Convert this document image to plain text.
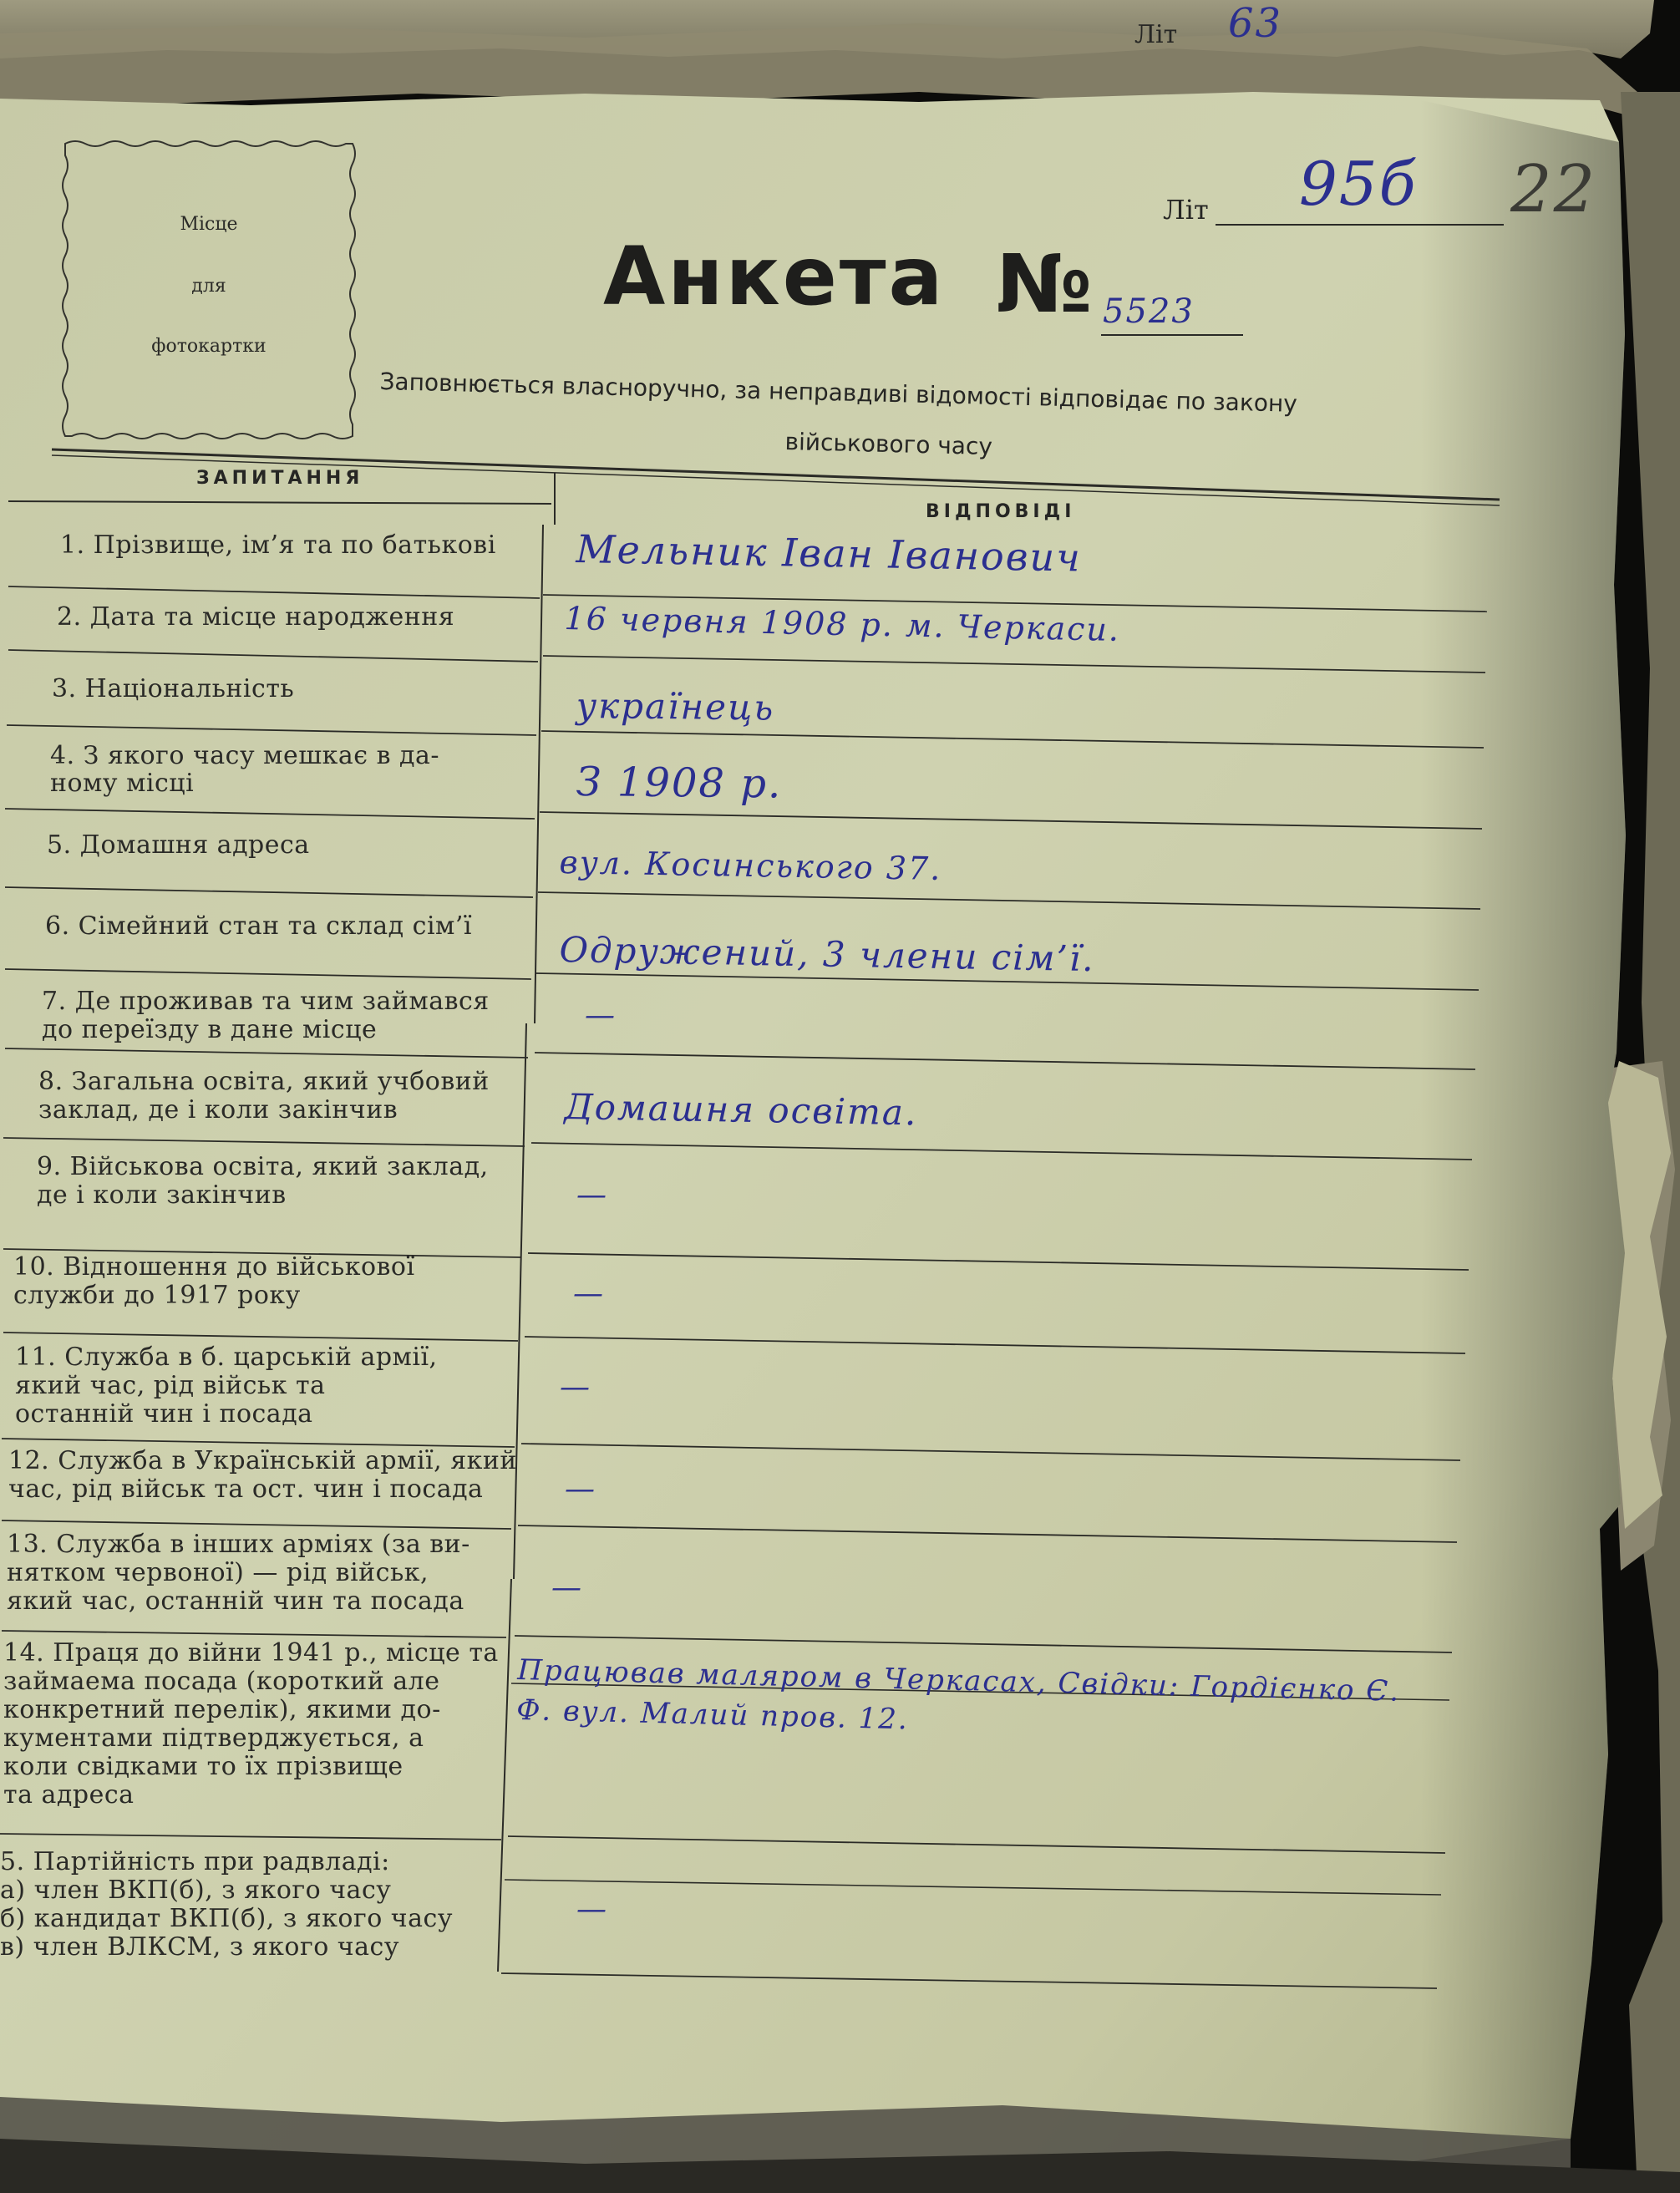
Літ 63
Літ 95б 22
Місце
для
фотокартки
Анкета № 5523
Заповнюється власноручно, за неправдиві відомості відповідає по закону
військового часу
ЗАПИТАННЯ
ВІДПОВІДІ
1. Прізвище, ім’я та по батькові
2. Дата та місце народження
3. Національність
4. З якого часу мешкає в да-
ному місці
5. Домашня адреса
6. Сімейний стан та склад сім’ї
7. Де проживав та чим займався
до переїзду в дане місце
8. Загальна освіта, який учбовий
заклад, де і коли закінчив
9. Військова освіта, який заклад,
де і коли закінчив
10. Відношення до військової
служби до 1917 року
11. Служба в б. царській армії,
який час, рід військ та
останній чин і посада
12. Служба в Українській армії, який
час, рід військ та ост. чин і посада
13. Служба в інших арміях (за ви-
нятком червоної) — рід військ,
який час, останній чин та посада
14. Праця до війни 1941 р., місце та
займаема посада (короткий але
конкретний перелік), якими до-
кументами підтверджується, а
коли свідками то їх прізвище
та адреса
5. Партійність при радвладі:
а) член ВКП(б), з якого часу
б) кандидат ВКП(б), з якого часу
в) член ВЛКСМ, з якого часу
Мельник Іван Іванович
16 червня 1908 р. м. Черкаси.
українець
З 1908 р.
вул. Косинського 37.
Одружений, 3 члени сім’ї.
—
Домашня освіта.
—
—
—
—
—
Працював маляром в Черкасах, Свідки: Гордієнко Є. Ф. вул. Малий пров. 12.
—
